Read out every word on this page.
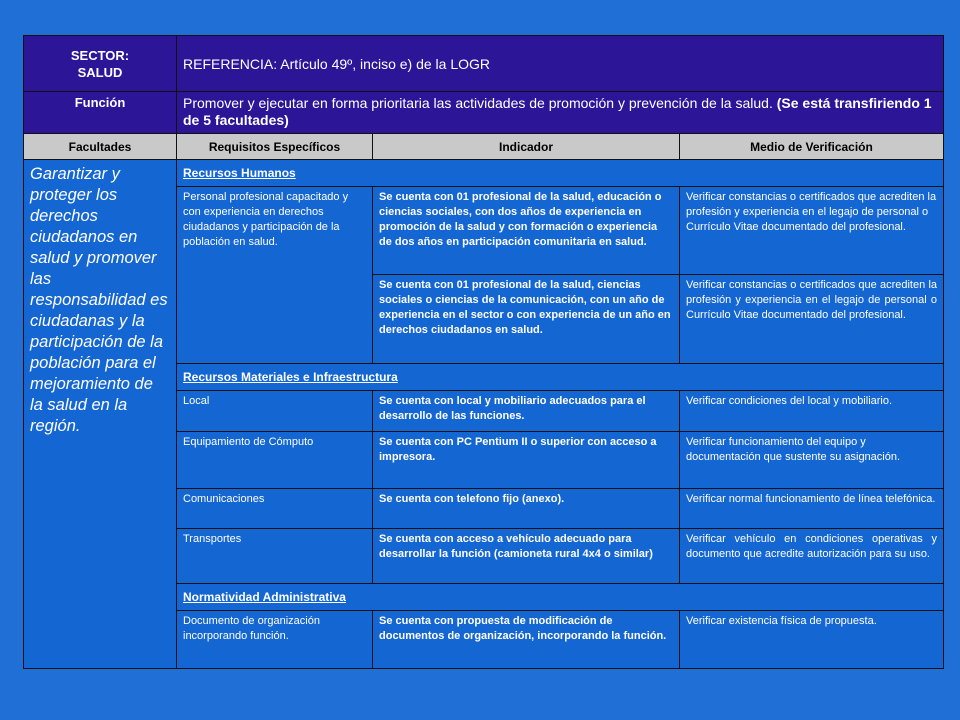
SECTOR:
SALUD	REFERENCIA: Artículo 49º, inciso e) de la LOGR		
Función	Promover y ejecutar en forma prioritaria las actividades de promoción y prevención de la salud. (Se está transfiriendo 1 de 5 facultades)		
Facultades	Requisitos Específicos	Indicador	Medio de Verificación
Garantizar y proteger los derechos ciudadanos en salud y promover las responsabilidad es ciudadanas y la participación de la población para el mejoramiento de la salud en la región.	Recursos Humanos		
	Personal profesional capacitado y con experiencia en derechos ciudadanos y participación de la población en salud.	Se cuenta con 01 profesional de la salud, educación o ciencias sociales, con dos años de experiencia en promoción de la salud y con formación o experiencia de dos años en participación comunitaria en salud.	Verificar constancias o certificados que acrediten la profesión y experiencia en el legajo de personal o Currículo Vitae documentado del profesional.
		Se cuenta con 01 profesional de la salud, ciencias sociales o ciencias de la comunicación, con un año de experiencia en el sector o con experiencia de un año en derechos ciudadanos en salud.	Verificar constancias o certificados que acrediten la profesión y experiencia en el legajo de personal o Currículo Vitae documentado del profesional.
	Recursos Materiales e Infraestructura		
	Local	Se cuenta con local y mobiliario adecuados para el desarrollo de las funciones.	Verificar condiciones del local y mobiliario.
	Equipamiento de Cómputo	Se cuenta con PC Pentium II o superior con acceso a impresora.	Verificar funcionamiento del equipo y documentación que sustente su asignación.
	Comunicaciones	Se cuenta con telefono fijo (anexo).	Verificar normal funcionamiento de línea telefónica.
	Transportes	Se cuenta con acceso a vehículo adecuado para desarrollar la función (camioneta rural 4x4 o similar)	Verificar vehículo en condiciones operativas y documento que acredite autorización para su uso.
	Normatividad Administrativa		
	Documento de organización incorporando función.	Se cuenta con propuesta de modificación de documentos de organización, incorporando la función.	Verificar existencia física de propuesta.
